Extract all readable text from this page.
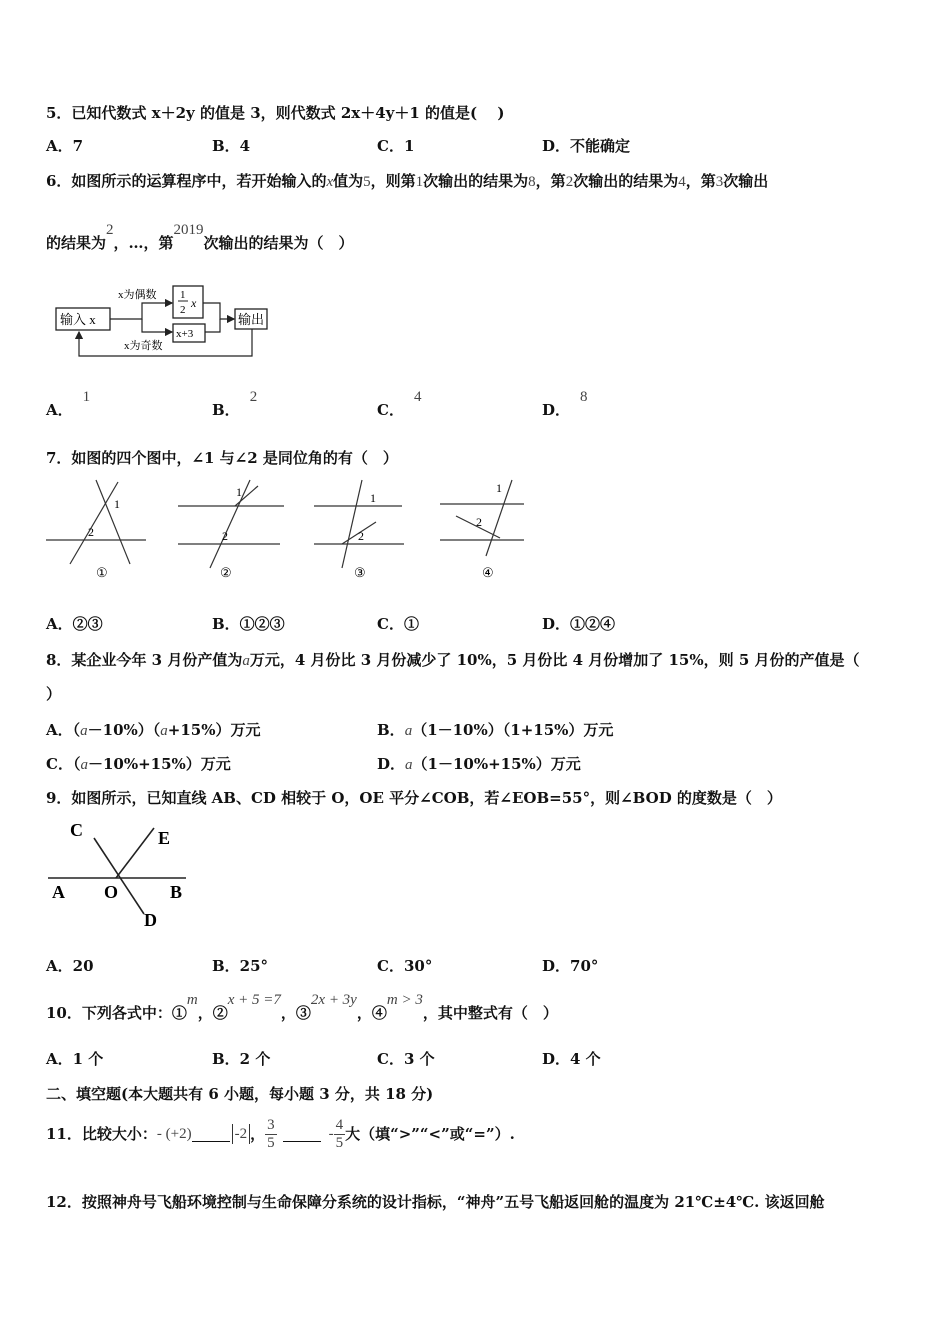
5．已知代数式 x＋2y 的值是 3，则代数式 2x＋4y＋1 的值是(　 )
A．7	B．4	C．1	D．不能确定
6．如图所示的运算程序中，若开始输入的x值为5，则第1次输出的结果为8，第2次输出的结果为4，第3次输出
的结果为2，…，第2019次输出的结果为（　）
输入 x
x为偶数 1
2 x
x+3
输出
x为奇数
A．1
B．2
C．4
D．8
7．如图的四个图中，∠1 与∠2 是同位角的有（　）
1
2
①
1
2
②
1
2
③
1
2
④
A．②③	B．①②③	C．①	D．①②④
8．某企业今年 3 月份产值为a万元，4 月份比 3 月份减少了 10%，5 月份比 4 月份增加了 15%，则 5 月份的产值是（
）
A．（a－10%）（a+15%）万元	B．a（1－10%）（1+15%）万元
C．（a－10%+15%）万元	D．a（1－10%+15%）万元
9．如图所示，已知直线 AB、CD 相较于 O，OE 平分∠COB，若∠EOB=55°，则∠BOD 的度数是（　）
C	E
A O	B
D
A．20	B．25°	C．30°	D．70°
10．下列各式中：①m，②x + 5 =7，③2x + 3y，④m > 3，其中整式有（　）
A．1 个	B．2 个	C．3 个	D．4 个
二、填空题(本大题共有 6 小题，每小题 3 分，共 18 分)
11．比较大小： - (+2)	-2 ， $\frac{3}{5}$	- $\frac{4}{5}$ 大（填“>”“<”或“=”）.
12．按照神舟号飞船环境控制与生命保障分系统的设计指标，“神舟”五号飞船返回舱的温度为 21℃±4℃. 该返回舱
